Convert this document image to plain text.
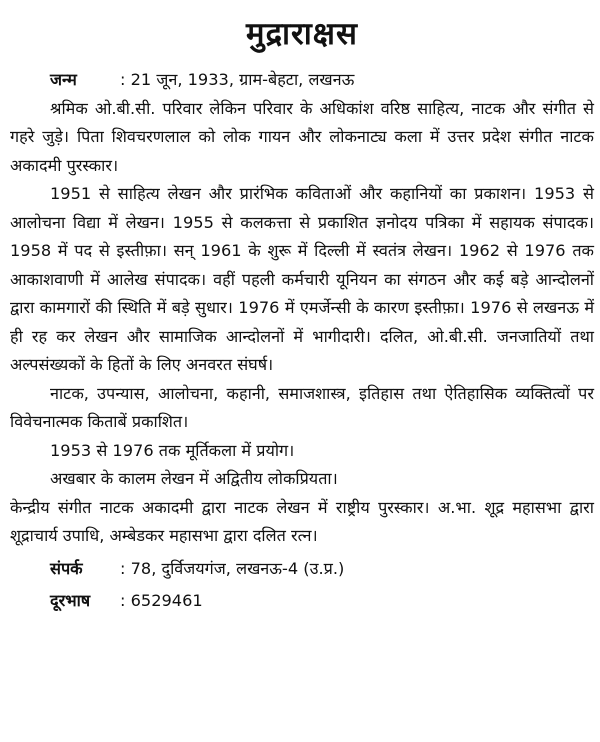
मुद्राराक्षस

जन्म	: 21 जून, 1933, ग्राम-बेहटा, लखनऊ

श्रमिक ओ.बी.सी. परिवार लेकिन परिवार के अधिकांश वरिष्ठ साहित्य, नाटक और संगीत से गहरे जुड़े। पिता शिवचरणलाल को लोक गायन और लोकनाट्य कला में उत्तर प्रदेश संगीत नाटक अकादमी पुरस्कार।

1951 से साहित्य लेखन और प्रारंभिक कविताओं और कहानियों का प्रकाशन। 1953 से आलोचना विद्या में लेखन। 1955 से कलकत्ता से प्रकाशित ज्ञनोदय पत्रिका में सहायक संपादक। 1958 में पद से इस्तीफ़ा। सन् 1961 के शुरू में दिल्ली में स्वतंत्र लेखन। 1962 से 1976 तक आकाशवाणी में आलेख संपादक। वहीं पहली कर्मचारी यूनियन का संगठन और कई बड़े आन्दोलनों द्वारा कामगारों की स्थिति में बड़े सुधार। 1976 में एमर्जेन्सी के कारण इस्तीफ़ा। 1976 से लखनऊ में ही रह कर लेखन और सामाजिक आन्दोलनों में भागीदारी। दलित, ओ.बी.सी. जनजातियों तथा अल्पसंख्यकों के हितों के लिए अनवरत संघर्ष।

नाटक, उपन्यास, आलोचना, कहानी, समाजशास्त्र, इतिहास तथा ऐतिहासिक व्यक्तित्वों पर विवेचनात्मक किताबें प्रकाशित।

1953 से 1976 तक मूर्तिकला में प्रयोग।

अखबार के कालम लेखन में अद्वितीय लोकप्रियता।

केन्द्रीय संगीत नाटक अकादमी द्वारा नाटक लेखन में राष्ट्रीय पुरस्कार। अ.भा. शूद्र महासभा द्वारा शूद्राचार्य उपाधि, अम्बेडकर महासभा द्वारा दलित रत्न।

संपर्क : 78, दुर्विजयगंज, लखनऊ-4 (उ.प्र.)

दूरभाष : 6529461
